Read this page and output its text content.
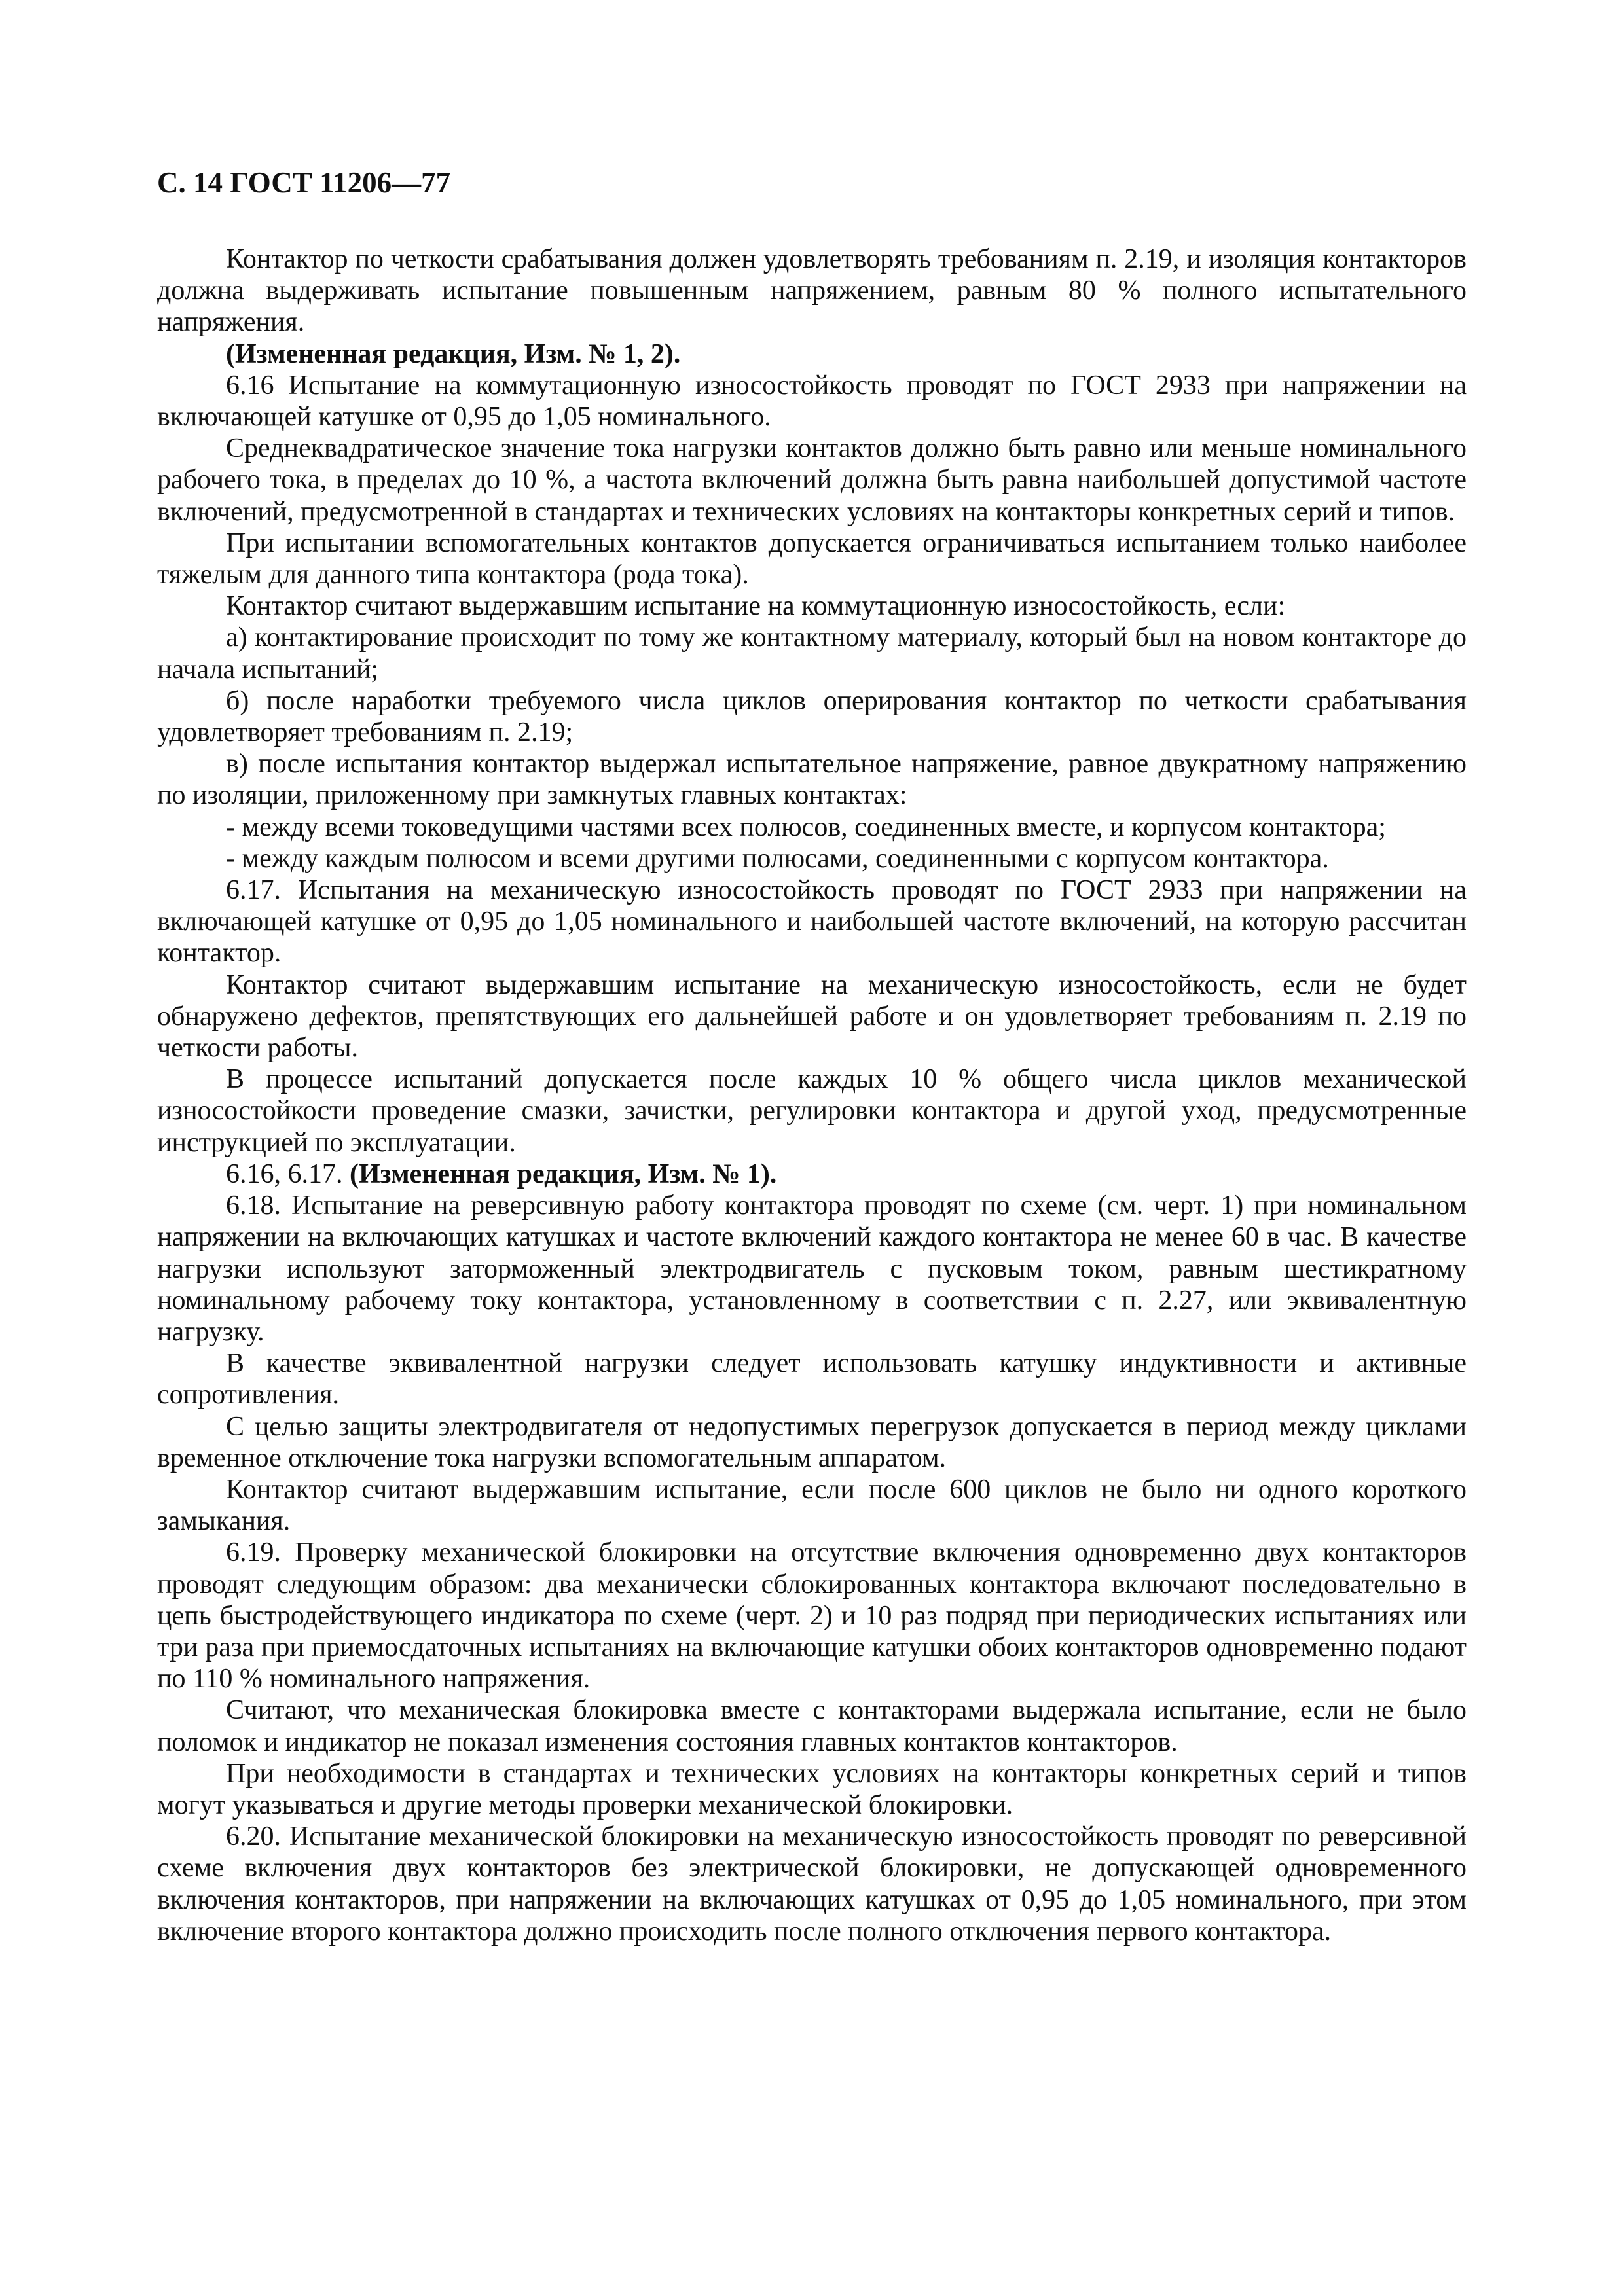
С. 14 ГОСТ 11206—77

Контактор по четкости срабатывания должен удовлетворять требованиям п. 2.19, и изоляция контакторов должна выдерживать испытание повышенным напряжением, равным 80 % полного испытательного напряжения.

(Измененная редакция, Изм. № 1, 2).

6.16 Испытание на коммутационную износостойкость проводят по ГОСТ 2933 при напряжении на включающей катушке от 0,95 до 1,05 номинального.

Среднеквадратическое значение тока нагрузки контактов должно быть равно или меньше номинального рабочего тока, в пределах до 10 %, а частота включений должна быть равна наибольшей допустимой частоте включений, предусмотренной в стандартах и технических условиях на контакторы конкретных серий и типов.

При испытании вспомогательных контактов допускается ограничиваться испытанием только наиболее тяжелым для данного типа контактора (рода тока).

Контактор считают выдержавшим испытание на коммутационную износостойкость, если:

а) контактирование происходит по тому же контактному материалу, который был на новом контакторе до начала испытаний;

б) после наработки требуемого числа циклов оперирования контактор по четкости срабатывания удовлетворяет требованиям п. 2.19;

в) после испытания контактор выдержал испытательное напряжение, равное двукратному напряжению по изоляции, приложенному при замкнутых главных контактах:

- между всеми токоведущими частями всех полюсов, соединенных вместе, и корпусом контактора;

- между каждым полюсом и всеми другими полюсами, соединенными с корпусом контактора.

6.17. Испытания на механическую износостойкость проводят по ГОСТ 2933 при напряжении на включающей катушке от 0,95 до 1,05 номинального и наибольшей частоте включений, на которую рассчитан контактор.

Контактор считают выдержавшим испытание на механическую износостойкость, если не будет обнаружено дефектов, препятствующих его дальнейшей работе и он удовлетворяет требованиям п. 2.19 по четкости работы.

В процессе испытаний допускается после каждых 10 % общего числа циклов механической износостойкости проведение смазки, зачистки, регулировки контактора и другой уход, предусмотренные инструкцией по эксплуатации.

6.16, 6.17. (Измененная редакция, Изм. № 1).

6.18. Испытание на реверсивную работу контактора проводят по схеме (см. черт. 1) при номинальном напряжении на включающих катушках и частоте включений каждого контактора не менее 60 в час. В качестве нагрузки используют заторможенный электродвигатель с пусковым током, равным шестикратному номинальному рабочему току контактора, установленному в соответствии с п. 2.27, или эквивалентную нагрузку.

В качестве эквивалентной нагрузки следует использовать катушку индуктивности и активные сопротивления.

С целью защиты электродвигателя от недопустимых перегрузок допускается в период между циклами временное отключение тока нагрузки вспомогательным аппаратом.

Контактор считают выдержавшим испытание, если после 600 циклов не было ни одного короткого замыкания.

6.19. Проверку механической блокировки на отсутствие включения одновременно двух контакторов проводят следующим образом: два механически сблокированных контактора включают последовательно в цепь быстродействующего индикатора по схеме (черт. 2) и 10 раз подряд при периодических испытаниях или три раза при приемосдаточных испытаниях на включающие катушки обоих контакторов одновременно подают по 110 % номинального напряжения.

Считают, что механическая блокировка вместе с контакторами выдержала испытание, если не было поломок и индикатор не показал изменения состояния главных контактов контакторов.

При необходимости в стандартах и технических условиях на контакторы конкретных серий и типов могут указываться и другие методы проверки механической блокировки.

6.20. Испытание механической блокировки на механическую износостойкость проводят по реверсивной схеме включения двух контакторов без электрической блокировки, не допускающей одновременного включения контакторов, при напряжении на включающих катушках от 0,95 до 1,05 номинального, при этом включение второго контактора должно происходить после полного отключения первого контактора.
